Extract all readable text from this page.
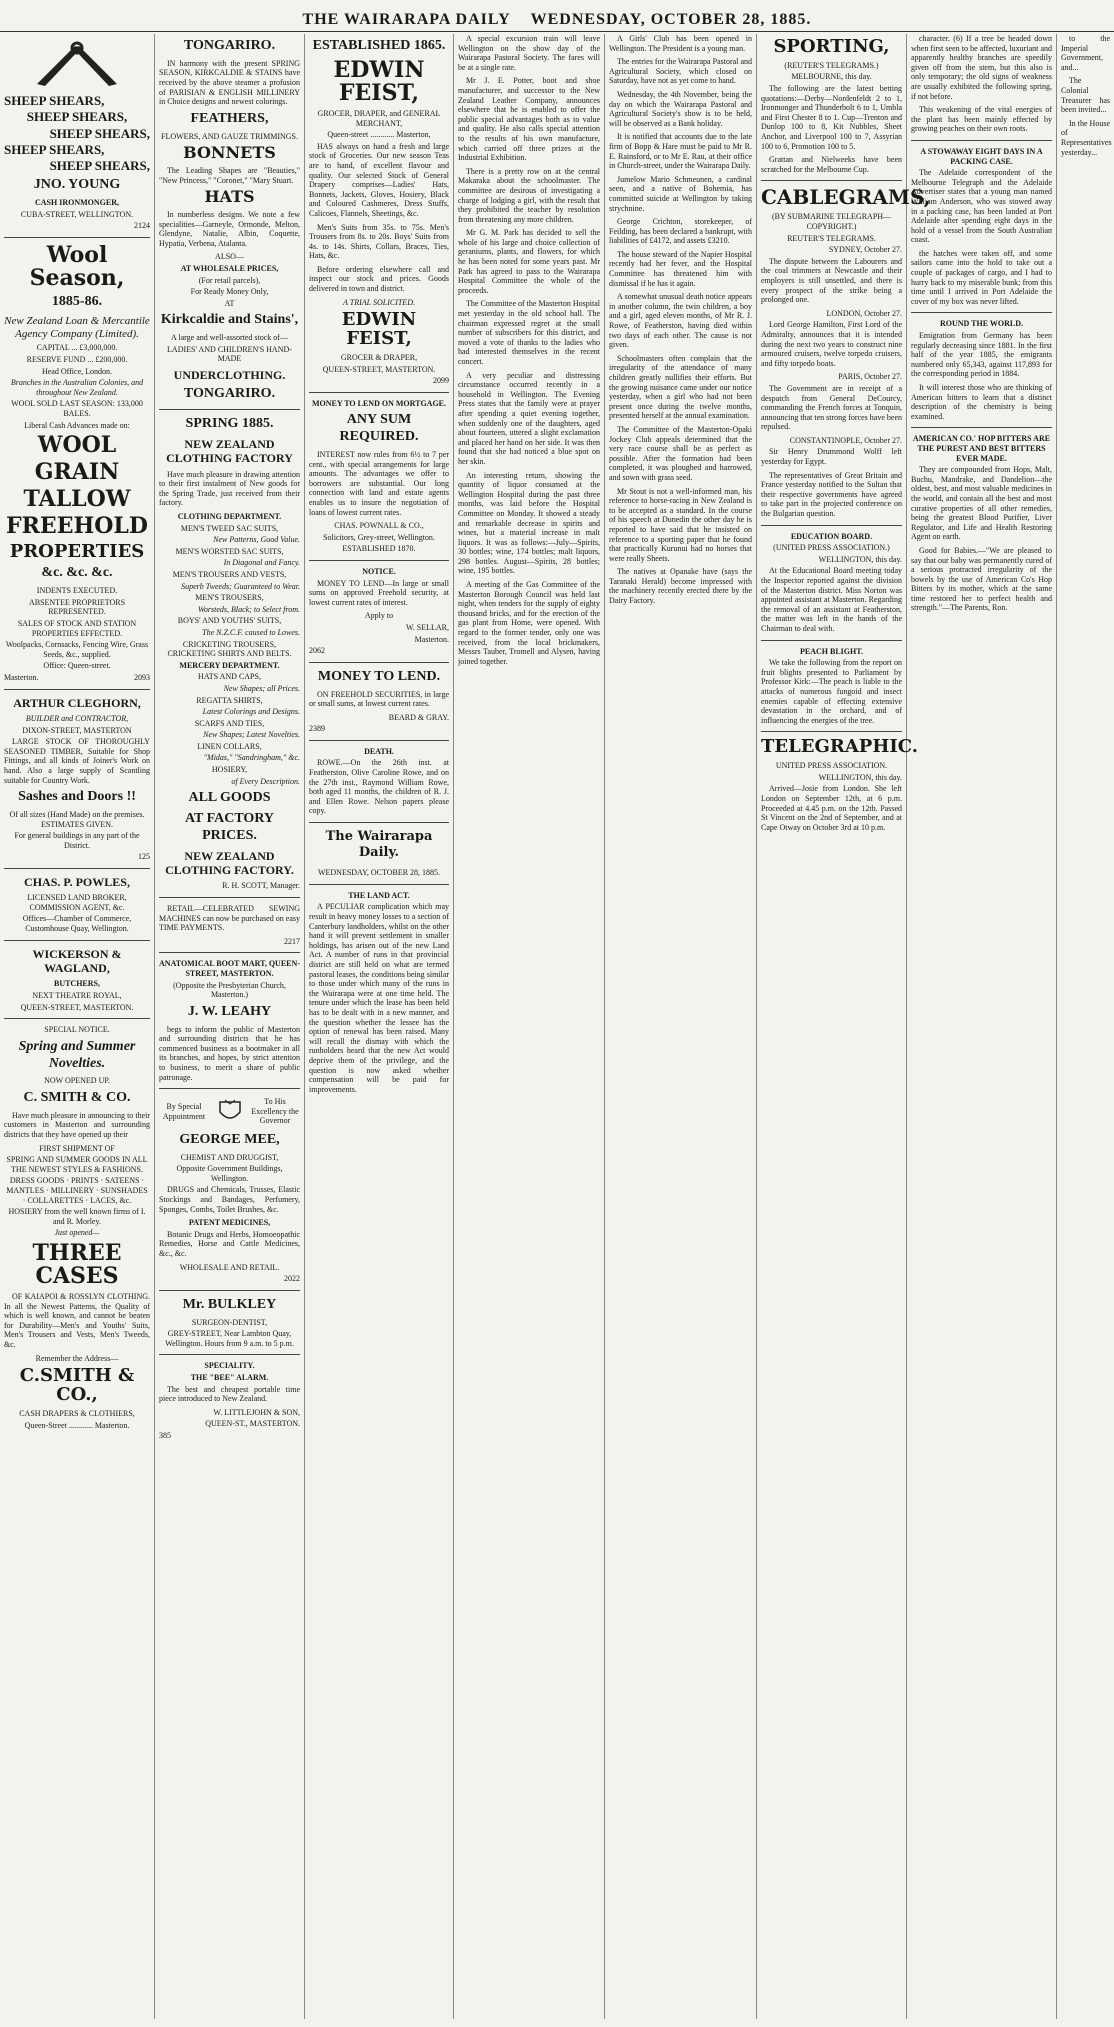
THE WAIRARAPA DAILY WEDNESDAY, OCTOBER 28, 1885.
SHEEP SHEARS,
SHEEP SHEARS,
SHEEP SHEARS,
SHEEP SHEARS,
SHEEP SHEARS,
JNO. YOUNG
CASH IRONMONGER,
CUBA-STREET, WELLINGTON.
2124
Wool Season,
1885-86.
New Zealand Loan & Mercantile Agency Company (Limited).
CAPITAL ... £3,000,000.
RESERVE FUND ... £200,000.
Head Office, London.
Branches in the Australian Colonies, and throughout New Zealand.
WOOL SOLD LAST SEASON: 133,000 BALES.
Liberal Cash Advances made on:
WOOL
GRAIN
TALLOW
FREEHOLD
PROPERTIES
&c. &c. &c.
INDENTS EXECUTED.
ABSENTEE PROPRIETORS REPRESENTED.
SALES OF STOCK AND STATION PROPERTIES EFFECTED.
Woolpacks, Cornsacks, Fencing Wire, Grass Seeds, &c., supplied.
Office: Queen-street.
Masterton.	2093
ARTHUR CLEGHORN,
BUILDER and CONTRACTOR,
DIXON-STREET, MASTERTON

LARGE STOCK OF THOROUGHLY SEASONED TIMBER, Suitable for Shop Fittings, and all kinds of Joiner's Work on hand. Also a large supply of Scantling suitable for Country Work.

Sashes and Doors !!
Of all sizes (Hand Made) on the premises. ESTIMATES GIVEN.
For general buildings in any part of the District.
125
CHAS. P. POWLES,
LICENSED LAND BROKER, COMMISSION AGENT, &c.
Offices—Chamber of Commerce, Customhouse Quay, Wellington.
WICKERSON & WAGLAND,
BUTCHERS,
NEXT THEATRE ROYAL,
QUEEN-STREET, MASTERTON.
SPECIAL NOTICE.
Spring and Summer Novelties.
NOW OPENED UP.
C. SMITH & CO.

Have much pleasure in announcing to their customers in Masterton and surrounding districts that they have opened up their

FIRST SHIPMENT OF
SPRING AND SUMMER GOODS IN ALL THE NEWEST STYLES & FASHIONS.
DRESS GOODS · PRINTS · SATEENS · MANTLES · MILLINERY · SUNSHADES · COLLARETTES · LACES, &c.
HOSIERY from the well known firms of I. and R. Morley.
Just opened—
THREE CASES

OF KAIAPOI & ROSSLYN CLOTHING. In all the Newest Patterns, the Quality of which is well known, and cannot be beaten for Durability—Men's and Youths' Suits, Men's Trousers and Vests, Men's Tweeds, &c.

Remember the Address—
C.SMITH & CO.,
CASH DRAPERS & CLOTHIERS,
Queen-Street ............ Masterton.
TONGARIRO.

IN harmony with the present SPRING SEASON, KIRKCALDIE & STAINS have received by the above steamer a profusion of PARISIAN & ENGLISH MILLINERY in Choice designs and newest colorings.

FEATHERS,
FLOWERS, AND GAUZE TRIMMINGS.
BONNETS

The Leading Shapes are "Beauties," "New Princess," "Coronet," "Mary Stuart.

HATS

In numberless designs. We note a few specialities—Garneyle, Ormonde, Melton, Glendyne, Natalie, Albin, Coquette, Hypatia, Verbena, Atalanta.

ALSO—
AT WHOLESALE PRICES,
(For retail parcels),
For Ready Money Only,
AT
Kirkcaldie and Stains',
A large and well-assorted stock of—
LADIES' AND CHILDREN'S HAND-MADE
UNDERCLOTHING.
TONGARIRO.
SPRING 1885.
NEW ZEALAND CLOTHING FACTORY

Have much pleasure in drawing attention to their first instalment of New goods for the Spring Trade, just received from their factory.

CLOTHING DEPARTMENT.
MEN'S TWEED SAC SUITS,
New Patterns, Good Value.
MEN'S WORSTED SAC SUITS,
In Diagonal and Fancy.
MEN'S TROUSERS AND VESTS,
Superb Tweeds; Guaranteed to Wear.
MEN'S TROUSERS,
Worsteds, Black; to Select from.
BOYS' AND YOUTHS' SUITS,
The N.Z.C.F. caused to Lowes.
CRICKETING TROUSERS, CRICKETING SHIRTS AND BELTS.
MERCERY DEPARTMENT.
HATS AND CAPS,
New Shapes; all Prices.
REGATTA SHIRTS,
Latest Colorings and Designs.
SCARFS AND TIES,
New Shapes; Latest Novelties.
LINEN COLLARS,
"Midas," "Sandringham," &c.
HOSIERY,
of Every Description.
ALL GOODS
AT FACTORY PRICES.
NEW ZEALAND CLOTHING FACTORY.
R. H. SCOTT, Manager.

RETAIL—CELEBRATED SEWING MACHINES can now be purchased on easy TIME PAYMENTS.

2217
ANATOMICAL BOOT MART, QUEEN-STREET, MASTERTON.
(Opposite the Presbyterian Church, Masterton.)
J. W. LEAHY

begs to inform the public of Masterton and surrounding districts that he has commenced business as a bootmaker in all its branches, and hopes, by strict attention to business, to merit a share of public patronage.

By Special Appointment
To His Excellency the Governor
GEORGE MEE,
CHEMIST AND DRUGGIST,
Opposite Government Buildings, Wellington.

DRUGS and Chemicals, Trusses, Elastic Stockings and Bandages, Perfumery, Sponges, Combs, Toilet Brushes, &c.

PATENT MEDICINES,

Botanic Drugs and Herbs, Homoeopathic Remedies, Horse and Cattle Medicines, &c., &c.

WHOLESALE AND RETAIL.
2022
Mr. BULKLEY
SURGEON-DENTIST,
GREY-STREET, Near Lambton Quay, Wellington. Hours from 9 a.m. to 5 p.m.
SPECIALITY.
THE "BEE" ALARM.

The best and cheapest portable time piece introduced to New Zealand.

W. LITTLEJOHN & SON,
QUEEN-ST., MASTERTON.
385
ESTABLISHED 1865.
EDWIN FEIST,
GROCER, DRAPER, and GENERAL MERCHANT,
Queen-street ............ Masterton,

HAS always on hand a fresh and large stock of Groceries. Our new season Teas are to hand, of excellent flavour and quality. Our selected Stock of General Drapery comprises—Ladies' Hats, Bonnets, Jackets, Gloves, Hosiery, Black and Coloured Cashmeres, Dress Stuffs, Calicoes, Flannels, Sheetings, &c.

Men's Suits from 35s. to 75s. Men's Trousers from 8s. to 20s. Boys' Suits from 4s. to 14s. Shirts, Collars, Braces, Ties, Hats, &c.

Before ordering elsewhere call and inspect our stock and prices. Goods delivered in town and district.

A TRIAL SOLICITED.
EDWIN FEIST,
GROCER & DRAPER,
QUEEN-STREET, MASTERTON.
2099
MONEY TO LEND ON MORTGAGE.
ANY SUM REQUIRED.

INTEREST now rules from 6½ to 7 per cent., with special arrangements for large amounts. The advantages we offer to borrowers are substantial. Our long connection with land and estate agents enables us to insure the negotiation of loans of lowest current rates.

CHAS. POWNALL & CO.,
Solicitors, Grey-street, Wellington.
ESTABLISHED 1870.
NOTICE.

MONEY TO LEND—In large or small sums on approved Freehold security, at lowest current rates of interest.

Apply to
W. SELLAR,
Masterton.
2062
MONEY TO LEND.

ON FREEHOLD SECURITIES, in large or small sums, at lowest current rates.

BEARD & GRAY.
2389
DEATH.

ROWE.—On the 26th inst. at Featherston, Olive Caroline Rowe, and on the 27th inst., Raymond William Rowe, both aged 11 months, the children of R. J. and Ellen Rowe. Nelson papers please copy.

The Wairarapa Daily.
WEDNESDAY, OCTOBER 28, 1885.
THE LAND ACT.

A PECULIAR complication which may result in heavy money losses to a section of Canterbury landholders, whilst on the other hand it will prevent settlement in smaller holdings, has arisen out of the new Land Act. A number of runs in that provincial district are still held on what are termed pastoral leases, the conditions being similar to those under which many of the runs in the Wairarapa were at one time held. The tenure under which the lease has been held has to be dealt with in a new manner, and the question whether the lessee has the option of renewal has been raised. Many will recall the dismay with which the runholders heard that the new Act would deprive them of the privilege, and the question is now asked whether compensation will be paid for improvements.

A special excursion train will leave Wellington on the show day of the Wairarapa Pastoral Society. The fares will be at a single rate.

Mr J. E. Potter, boot and shoe manufacturer, and successor to the New Zealand Leather Company, announces elsewhere that he is enabled to offer the public special advantages both as to value and quality. He also calls special attention to the results of his own manufacture, which carried off three prizes at the Industrial Exhibition.

There is a pretty row on at the central Makaraka about the schoolmaster. The committee are desirous of investigating a charge of lodging a girl, with the result that they prohibited the teacher by resolution from threatening any more children.

Mr G. M. Park has decided to sell the whole of his large and choice collection of geraniums, plants, and flowers, for which he has been noted for some years past. Mr Park has agreed to pass to the Wairarapa Hospital Committee the whole of the proceeds.

The Committee of the Masterton Hospital met yesterday in the old school hall. The chairman expressed regret at the small number of subscribers for this district, and moved a vote of thanks to the ladies who had interested themselves in the recent concert.

A very peculiar and distressing circumstance occurred recently in a household in Wellington. The Evening Press states that the family were at prayer after spending a quiet evening together, when suddenly one of the daughters, aged about fourteen, uttered a slight exclamation and placed her hand on her side. It was then found that she had noticed a blue spot on her skin.

An interesting return, showing the quantity of liquor consumed at the Wellington Hospital during the past three months, was laid before the Hospital Committee on Monday. It showed a steady and remarkable decrease in spirits and wines, but a material increase in malt liquors. It was as follows:—July—Spirits, 30 bottles; wine, 174 bottles; malt liquors, 298 bottles. August—Spirits, 28 bottles; wine, 195 bottles.

A meeting of the Gas Committee of the Masterton Borough Council was held last night, when tenders for the supply of eighty thousand bricks, and for the erection of the gas plant from Home, were opened. With regard to the former tender, only one was received, from the local brickmakers, Messrs Tauber, Tromell and Alysen, having joined together.

A Girls' Club has been opened in Wellington. The President is a young man.

The entries for the Wairarapa Pastoral and Agricultural Society, which closed on Saturday, have not as yet come to hand.

Wednesday, the 4th November, being the day on which the Wairarapa Pastoral and Agricultural Society's show is to be held, will be observed as a Bank holiday.

It is notified that accounts due to the late firm of Bopp & Hare must be paid to Mr R. E. Rainsford, or to Mr E. Rau, at their office in Church-street, under the Wairarapa Daily.

Jumelow Mario Schmeunen, a cardinal seen, and a native of Bohemia, has committed suicide at Wellington by taking strychnine.

George Crichton, storekeeper, of Feilding, has been declared a bankrupt, with liabilities of £4172, and assets £3210.

The house steward of the Napier Hospital recently had her fever, and the Hospital Committee has threatened him with dismissal if he has it again.

A somewhat unusual death notice appears in another column, the twin children, a boy and a girl, aged eleven months, of Mr R. J. Rowe, of Featherston, having died within two days of each other. The cause is not given.

Schoolmasters often complain that the irregularity of the attendance of many children greatly nullifies their efforts. But the growing nuisance came under our notice yesterday, when a girl who had not been present once during the twelve months, presented herself at the annual examination.

The Committee of the Masterton-Opaki Jockey Club appeals determined that the very race course shall be as perfect as possible. After the formation had been completed, it was ploughed and harrowed, and sown with grass seed.

Mr Stout is not a well-informed man, his reference to horse-racing in New Zealand is to be accepted as a standard. In the course of his speech at Dunedin the other day he is reported to have said that he insisted on reference to a sporting paper that he found that practically Kurunui had no horses that were really Sheets.

The natives at Opanake have (says the Taranaki Herald) become impressed with the machinery recently erected there by the Dairy Factory.

SPORTING,
(REUTER'S TELEGRAMS.)
MELBOURNE, this day.

The following are the latest betting quotations:—Derby—Nordenfeldt 2 to 1, Ironmonger and Thunderbolt 6 to 1, Umbla and First Chester 8 to 1. Cup—Trenton and Dunlop 100 to 8, Kit Nubbles, Sheet Anchor, and Liverpool 100 to 7, Assyrian 100 to 6, Promotion 100 to 5.

Grattan and Nielweeks have been scratched for the Melbourne Cup.

CABLEGRAMS,
(BY SUBMARINE TELEGRAPH—COPYRIGHT.)
REUTER'S TELEGRAMS.
SYDNEY, October 27.

The dispute between the Labourers and the coal trimmers at Newcastle and their employers is still unsettled, and there is every prospect of the strike being a prolonged one.

LONDON, October 27.

Lord George Hamilton, First Lord of the Admiralty, announces that it is intended during the next two years to construct nine armoured cruisers, twelve torpedo cruisers, and fifty torpedo boats.

PARIS, October 27.

The Government are in receipt of a despatch from General DeCourcy, commanding the French forces at Tonquin, announcing that ten strong forces have been repulsed.

CONSTANTINOPLE, October 27.

Sir Henry Drummond Wolff left yesterday for Egypt.

The representatives of Great Britain and France yesterday notified to the Sultan that their respective governments have agreed to take part in the projected conference on the Bulgarian question.

EDUCATION BOARD.
(UNITED PRESS ASSOCIATION.)
WELLINGTON, this day.

At the Educational Board meeting today the Inspector reported against the division of the Masterton district. Miss Norton was appointed assistant at Masterton. Regarding the removal of an assistant at Featherston, the matter was left in the hands of the Chairman to deal with.

PEACH BLIGHT.

We take the following from the report on fruit blights presented to Parliament by Professor Kirk:—The peach is liable to the attacks of numerous fungoid and insect enemies capable of effecting extensive devastation in the orchard, and of influencing the energies of the tree.

TELEGRAPHIC.
UNITED PRESS ASSOCIATION.
WELLINGTON, this day.

Arrived—Josie from London. She left London on September 12th, at 6 p.m. Proceeded at 4.45 p.m. on the 12th. Passed St Vincent on the 2nd of September, and at Cape Otway on October 3rd at 10 p.m.

character. (6) If a tree be headed down when first seen to be affected, luxuriant and apparently healthy branches are speedily given off from the stem, but this also is only temporary; the old signs of weakness are usually exhibited the following spring, if not before.

This weakening of the vital energies of the plant has been mainly effected by growing peaches on their own roots.

A STOWAWAY EIGHT DAYS IN A PACKING CASE.

The Adelaide correspondent of the Melbourne Telegraph and the Adelaide Advertiser states that a young man named William Anderson, who was stowed away in a packing case, has been landed at Port Adelaide after spending eight days in the hold of a vessel from the South Australian coast.

the hatches were taken off, and some sailors came into the hold to take out a couple of packages of cargo, and I had to hurry back to my miserable bunk; from this time until I arrived in Port Adelaide the cover of my box was never lifted.

ROUND THE WORLD.

Emigration from Germany has been regularly decreasing since 1881. In the first half of the year 1885, the emigrants numbered only 65,343, against 117,893 for the corresponding period in 1884.

It will interest those who are thinking of American bitters to learn that a distinct description of the chemistry is being examined.

AMERICAN CO.' HOP BITTERS ARE THE PUREST AND BEST BITTERS EVER MADE.

They are compounded from Hops, Malt, Buchu, Mandrake, and Dandelion—the oldest, best, and most valuable medicines in the world, and contain all the best and most curative properties of all other remedies, being the greatest Blood Purifier, Liver Regulator, and Life and Health Restoring Agent on earth.

Good for Babies.—"We are pleased to say that our baby was permanently cured of a serious protracted irregularity of the bowels by the use of American Co's Hop Bitters by its mother, which at the same time restored her to perfect health and strength."—The Parents, Ron.

to the Imperial Government, and...

The Colonial Treasurer has been invited...

In the House of Representatives yesterday...
